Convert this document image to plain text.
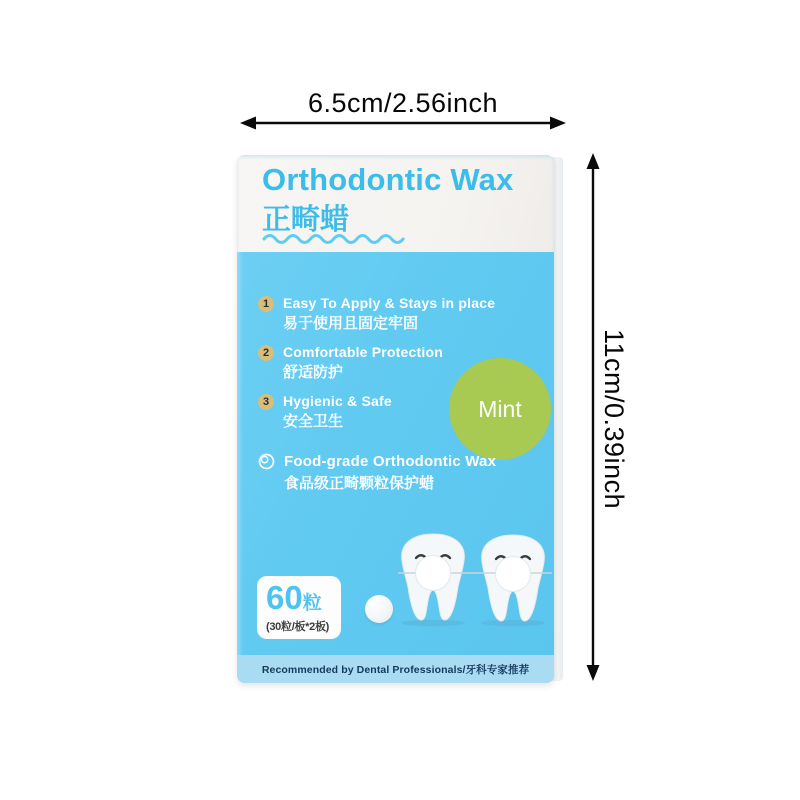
6.5cm/2.56inch
11cm/0.39inch
Orthodontic Wax
正畸蜡
1 Easy To Apply & Stays in place
易于使用且固定牢固
2 Comfortable Protection
舒适防护
3 Hygienic & Safe
安全卫生	Mint
Food-grade Orthodontic Wax
食品级正畸颗粒保护蜡
60粒
(30粒/板*2板)
Recommended by Dental Professionals/牙科专家推荐
